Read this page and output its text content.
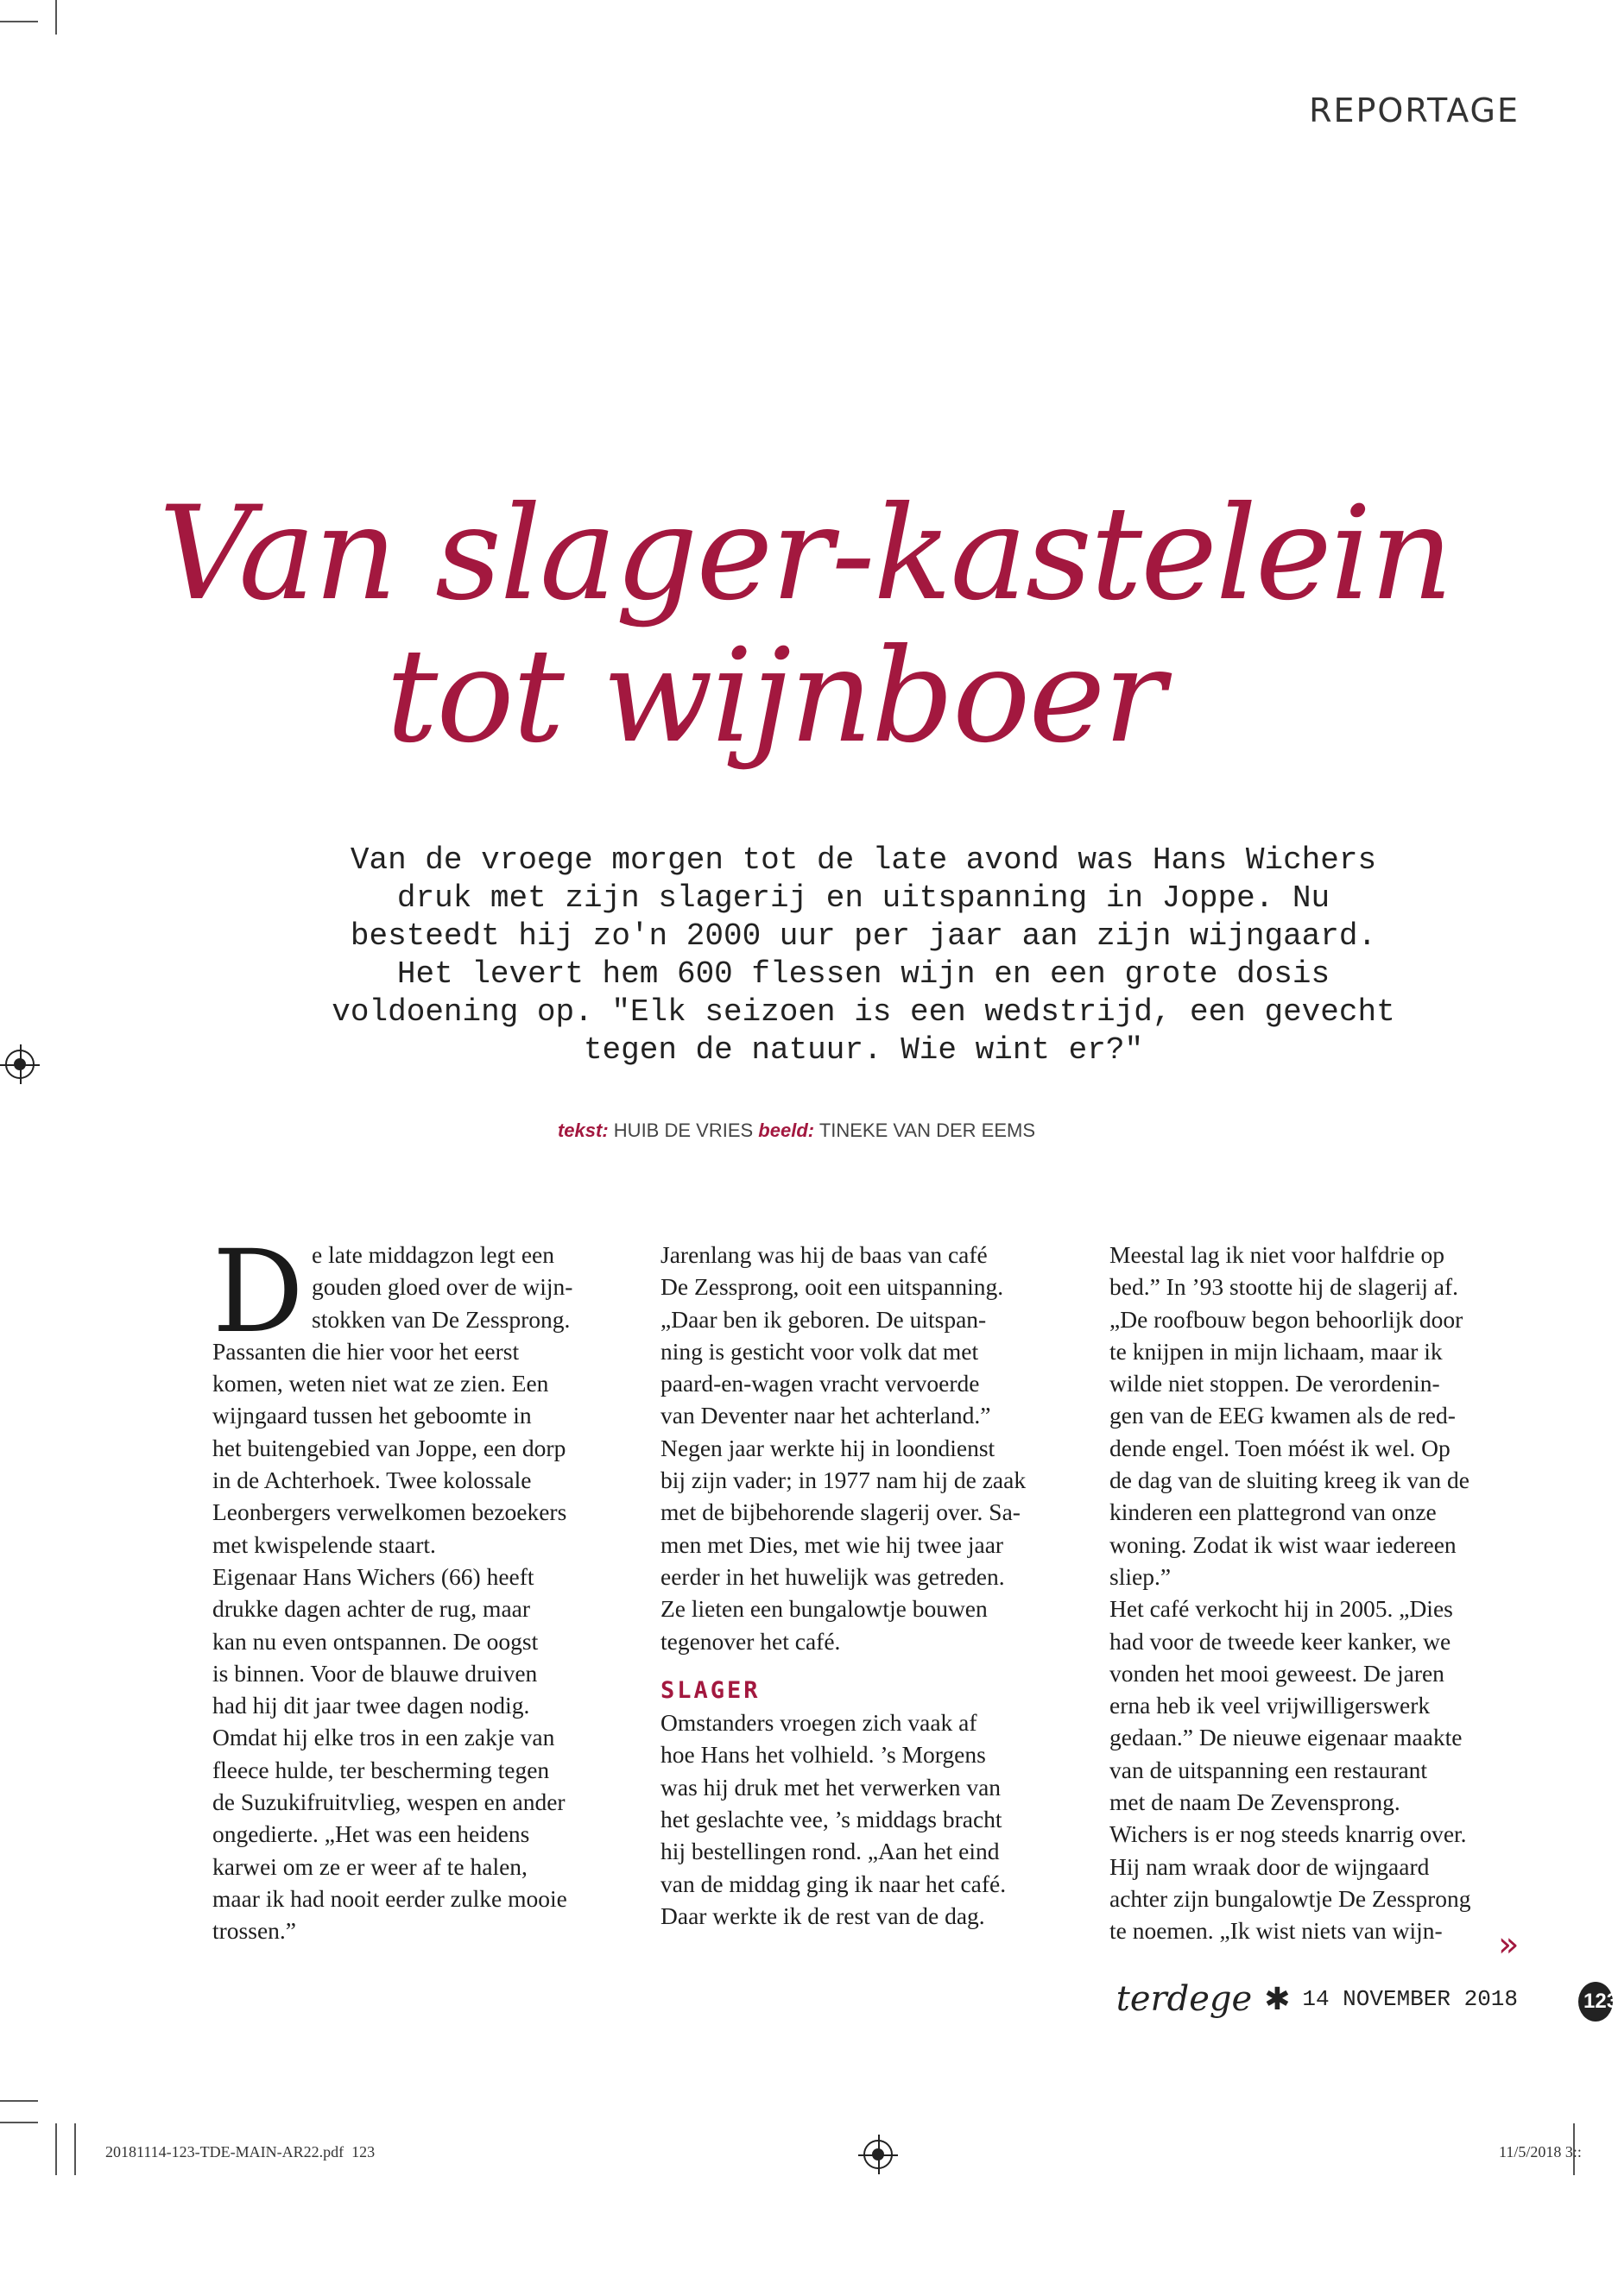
REPORTAGE
Van slager-kastelein
tot wijnboer
Van de vroege morgen tot de late avond was Hans Wichers
druk met zijn slagerij en uitspanning in Joppe. Nu
besteedt hij zo'n 2000 uur per jaar aan zijn wijngaard.
Het levert hem 600 flessen wijn en een grote dosis
voldoening op. "Elk seizoen is een wedstrijd, een gevecht
tegen de natuur. Wie wint er?"
tekst: HUIB DE VRIES beeld: TINEKE VAN DER EEMS
D e late middagzon legt een
gouden gloed over de wijn-
stokken van De Zessprong.
Passanten die hier voor het eerst
komen, weten niet wat ze zien. Een
wijngaard tussen het geboomte in
het buitengebied van Joppe, een dorp
in de Achterhoek. Twee kolossale
Leonbergers verwelkomen bezoekers
met kwispelende staart.
Eigenaar Hans Wichers (66) heeft
drukke dagen achter de rug, maar
kan nu even ontspannen. De oogst
is binnen. Voor de blauwe druiven
had hij dit jaar twee dagen nodig.
Omdat hij elke tros in een zakje van
fleece hulde, ter bescherming tegen
de Suzukifruitvlieg, wespen en ander
ongedierte. „Het was een heidens
karwei om ze er weer af te halen,
maar ik had nooit eerder zulke mooie
trossen.”
Jarenlang was hij de baas van café
De Zessprong, ooit een uitspanning.
„Daar ben ik geboren. De uitspan-
ning is gesticht voor volk dat met
paard-en-wagen vracht vervoerde
van Deventer naar het achterland.”
Negen jaar werkte hij in loondienst
bij zijn vader; in 1977 nam hij de zaak
met de bijbehorende slagerij over. Sa-
men met Dies, met wie hij twee jaar
eerder in het huwelijk was getreden.
Ze lieten een bungalowtje bouwen
tegenover het café.
SLAGER
Omstanders vroegen zich vaak af
hoe Hans het volhield. ’s Morgens
was hij druk met het verwerken van
het geslachte vee, ’s middags bracht
hij bestellingen rond. „Aan het eind
van de middag ging ik naar het café.
Daar werkte ik de rest van de dag.
Meestal lag ik niet voor halfdrie op
bed.” In ’93 stootte hij de slagerij af.
„De roofbouw begon behoorlijk door
te knijpen in mijn lichaam, maar ik
wilde niet stoppen. De verordenin-
gen van de EEG kwamen als de red-
dende engel. Toen móést ik wel. Op
de dag van de sluiting kreeg ik van de
kinderen een plattegrond van onze
woning. Zodat ik wist waar iedereen
sliep.”
Het café verkocht hij in 2005. „Dies
had voor de tweede keer kanker, we
vonden het mooi geweest. De jaren
erna heb ik veel vrijwilligerswerk
gedaan.” De nieuwe eigenaar maakte
van de uitspanning een restaurant
met de naam De Zevensprong.
Wichers is er nog steeds knarrig over.
Hij nam wraak door de wijngaard
achter zijn bungalowtje De Zessprong
te noemen. „Ik wist niets van wijn-	»
terdege ✱ 14 NOVEMBER 2018	123
20181114-123-TDE-MAIN-AR22.pdf 123	11/5/2018 3::
